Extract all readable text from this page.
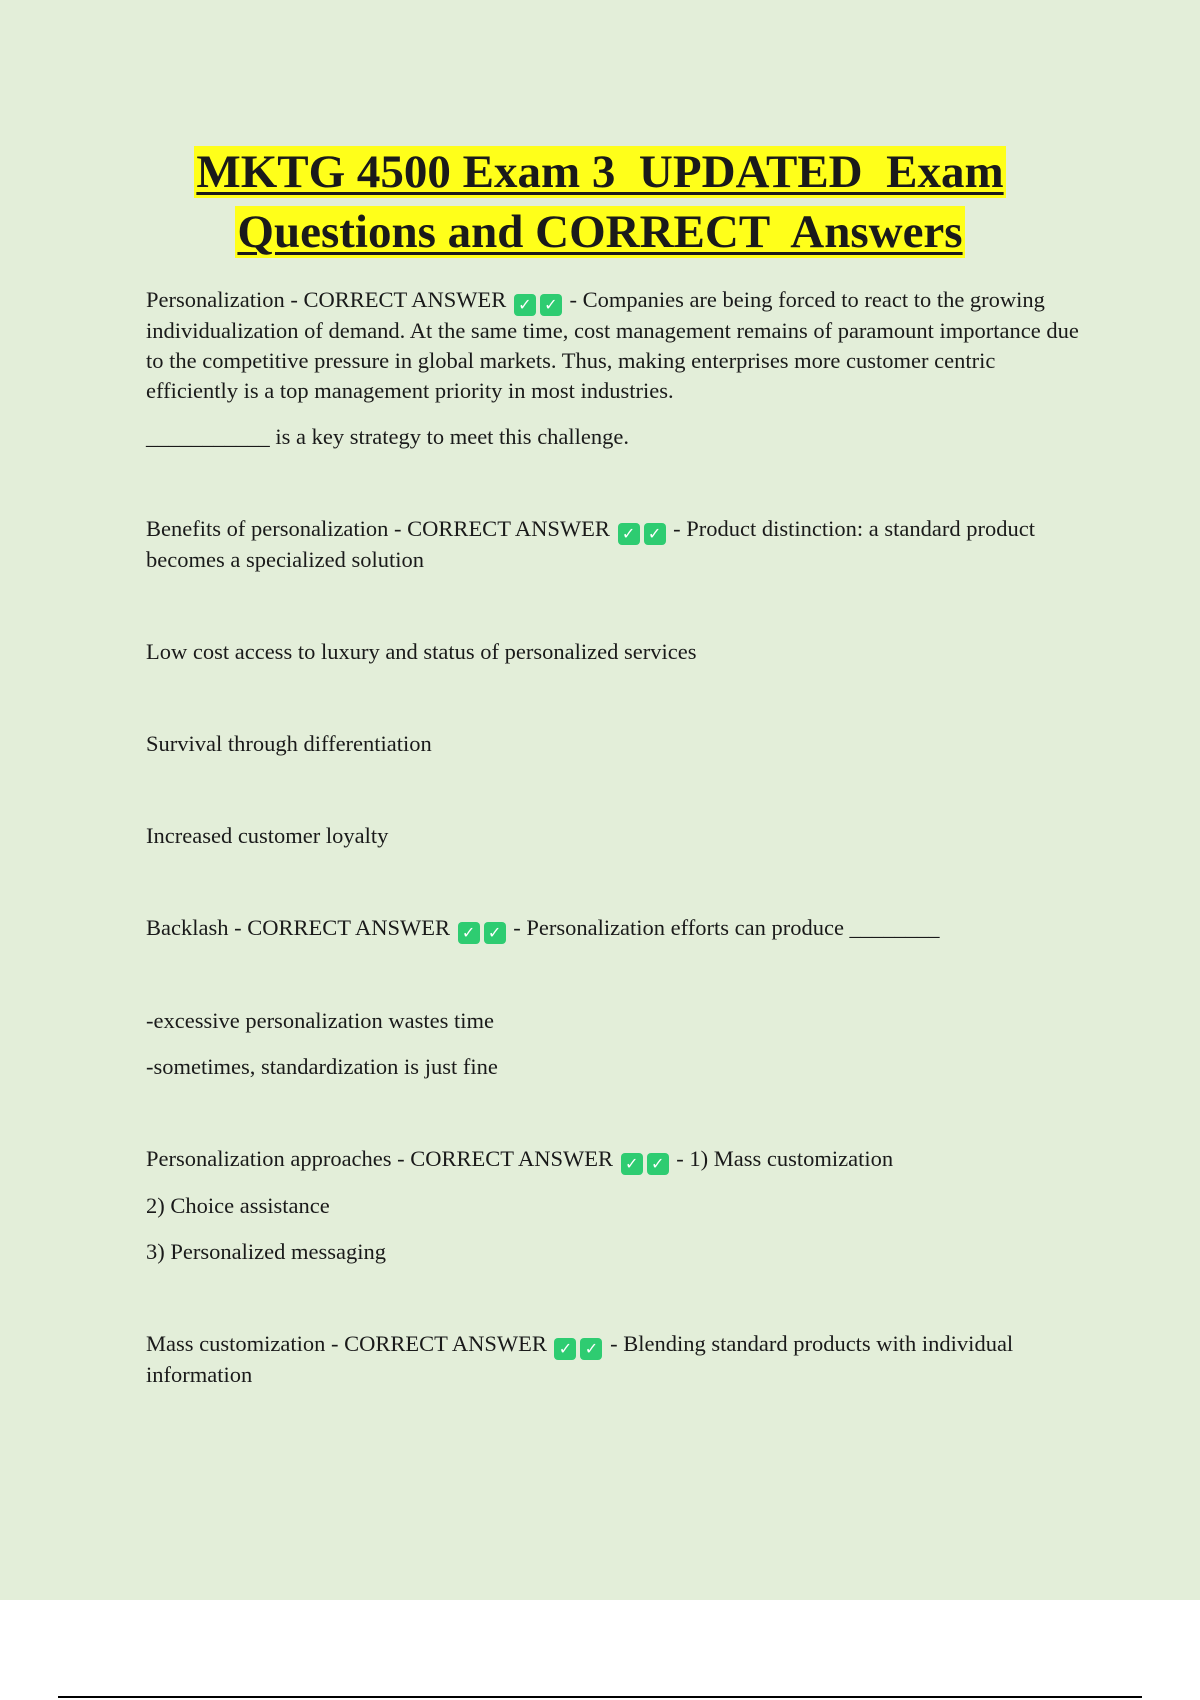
MKTG 4500 Exam 3  UPDATED  Exam
Questions and CORRECT  Answers

Personalization - CORRECT ANSWER ✓ ✓ - Companies are being forced to react to the growing individualization of demand. At the same time, cost management remains of paramount importance due to the competitive pressure in global markets. Thus, making enterprises more customer centric efficiently is a top management priority in most industries.

___________ is a key strategy to meet this challenge.

Benefits of personalization - CORRECT ANSWER ✓ ✓ - Product distinction: a standard product becomes a specialized solution

Low cost access to luxury and status of personalized services

Survival through differentiation

Increased customer loyalty

Backlash - CORRECT ANSWER ✓ ✓ - Personalization efforts can produce ________

-excessive personalization wastes time

-sometimes, standardization is just fine

Personalization approaches - CORRECT ANSWER ✓ ✓ - 1) Mass customization

2) Choice assistance

3) Personalized messaging

Mass customization - CORRECT ANSWER ✓ ✓ - Blending standard products with individual information
